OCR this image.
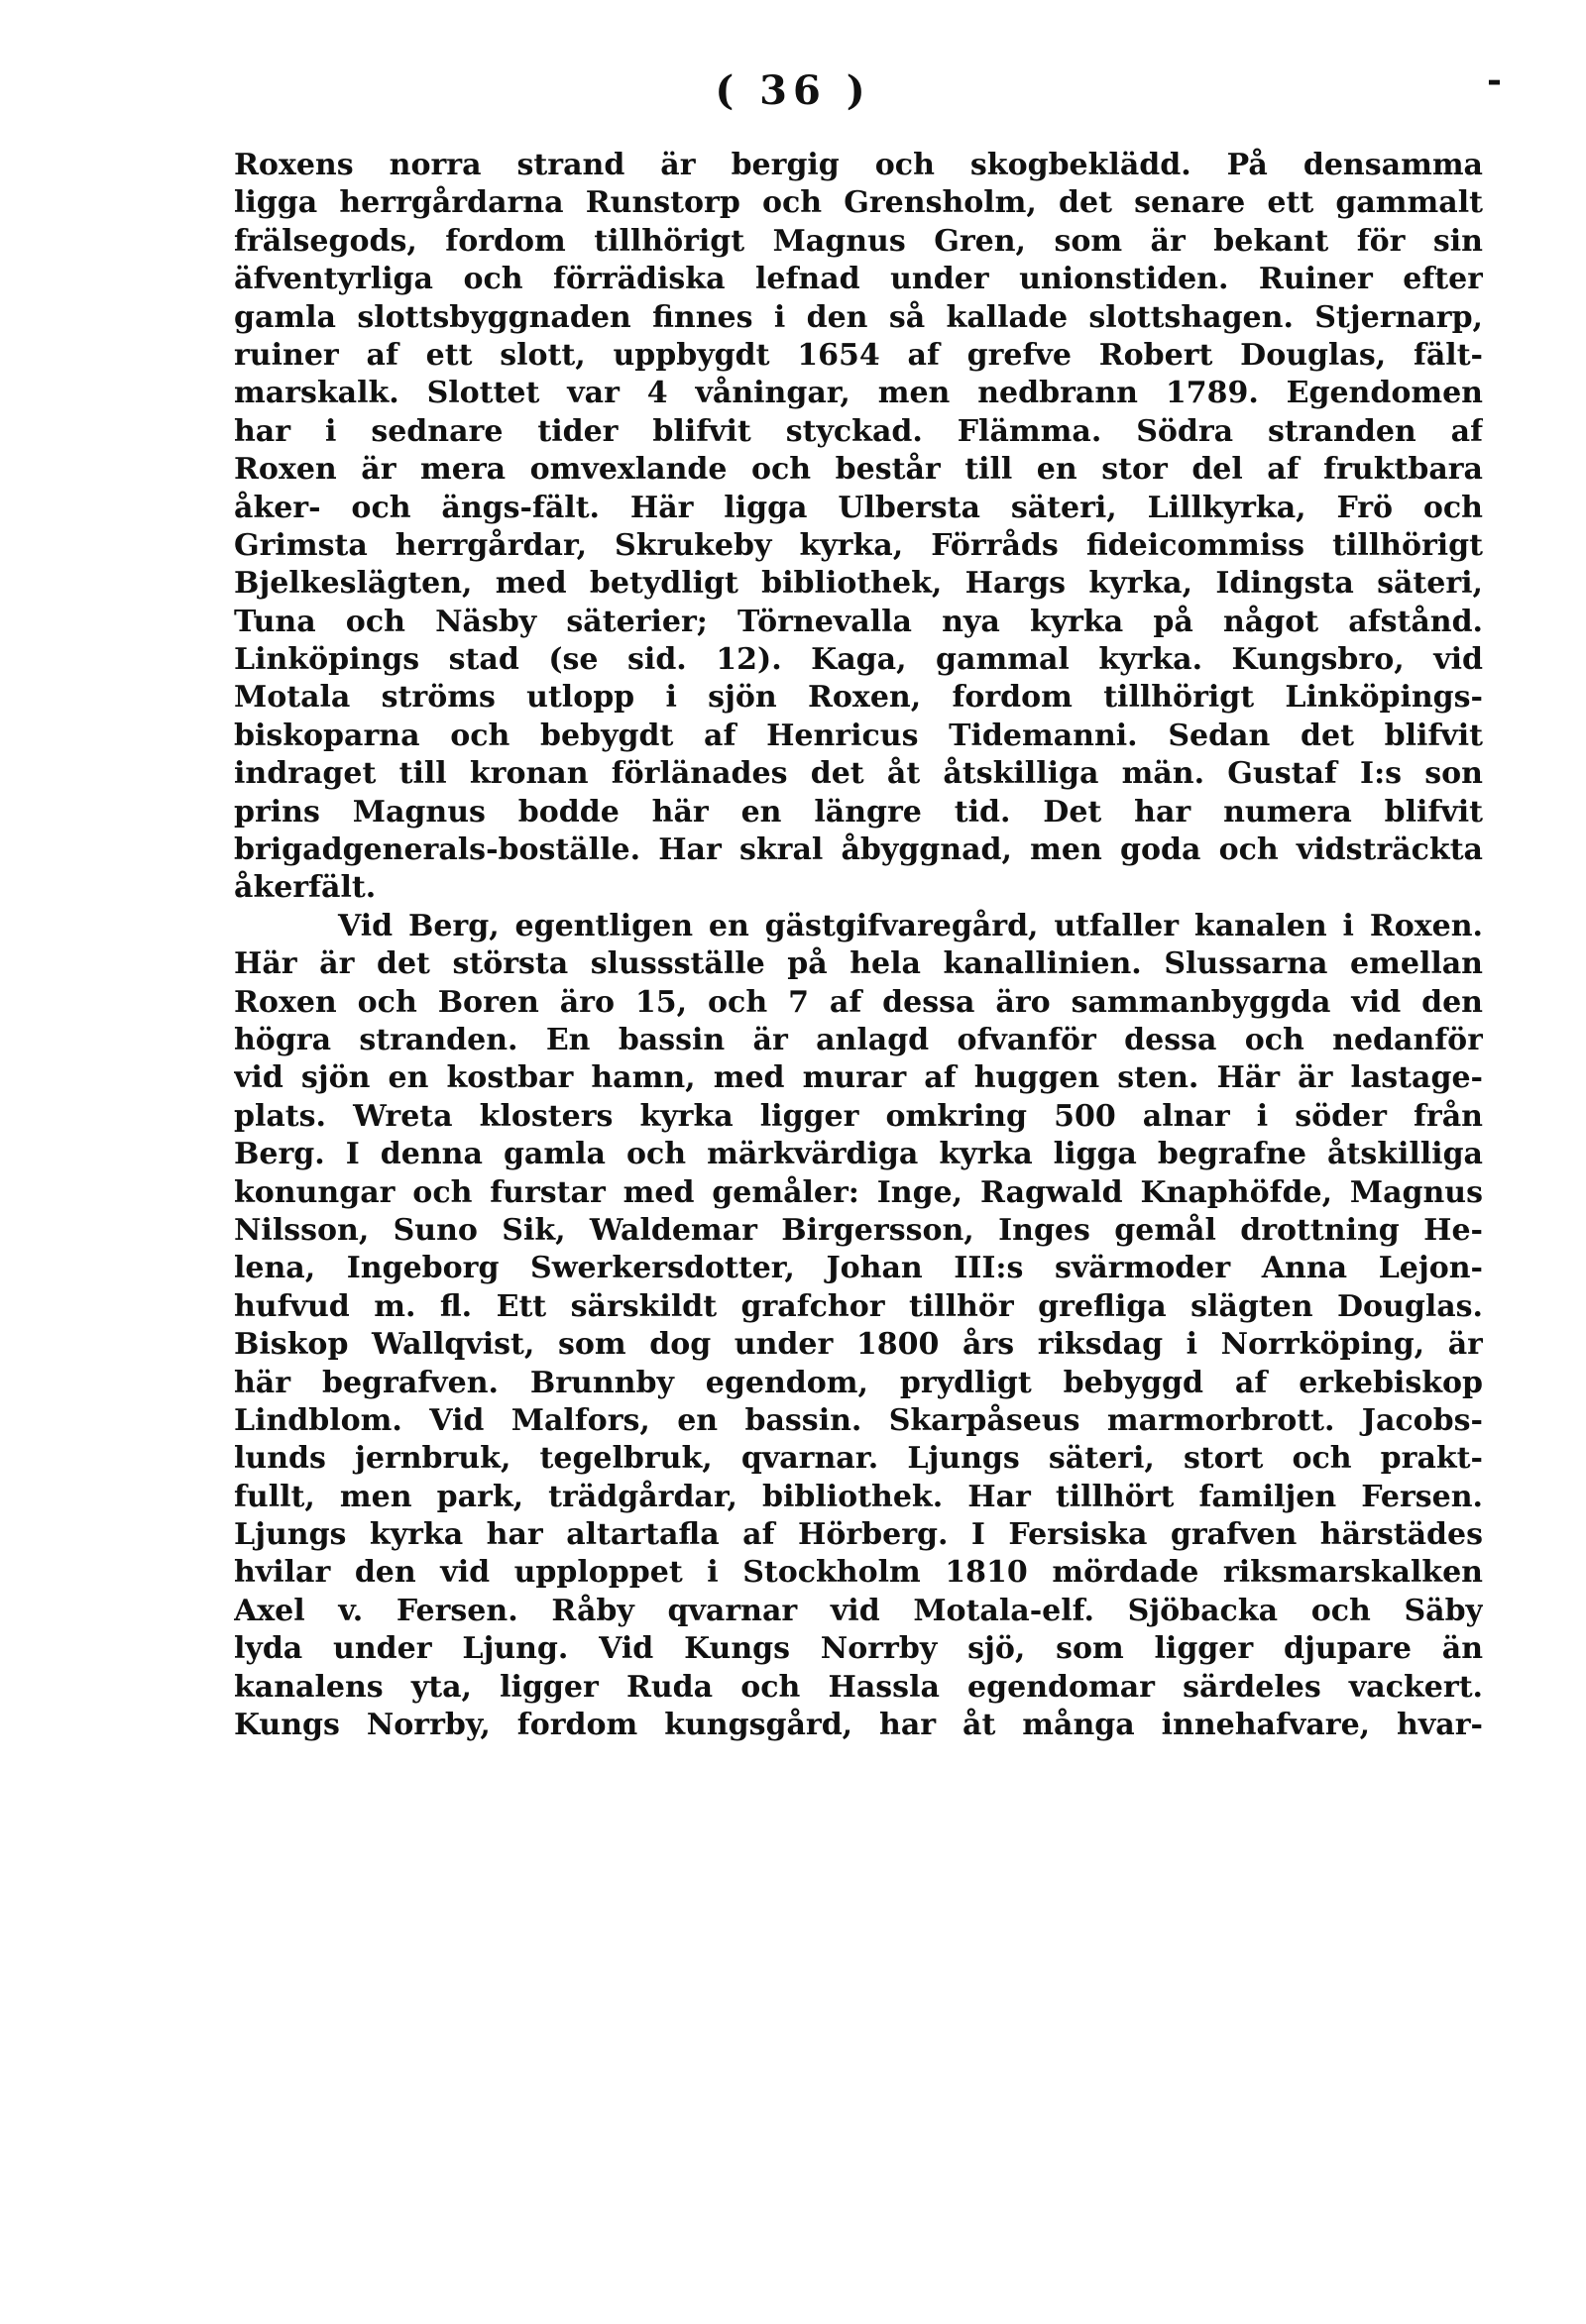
( 36 )	-
Roxens norra strand är bergig och skogbeklädd. På densamma
ligga herrgårdarna Runstorp och Grensholm, det senare ett gammalt
frälsegods, fordom tillhörigt Magnus Gren, som är bekant för sin
äfventyrliga och förrädiska lefnad under unionstiden. Ruiner efter
gamla slottsbyggnaden finnes i den så kallade slottshagen. Stjernarp,
ruiner af ett slott, uppbygdt 1654 af grefve Robert Douglas, fält-
marskalk. Slottet var 4 våningar, men nedbrann 1789. Egendomen
har i sednare tider blifvit styckad. Flämma. Södra stranden af
Roxen är mera omvexlande och består till en stor del af fruktbara
åker- och ängs-fält. Här ligga Ulbersta säteri, Lillkyrka, Frö och
Grimsta herrgårdar, Skrukeby kyrka, Förråds fideicommiss tillhörigt
Bjelkeslägten, med betydligt bibliothek, Hargs kyrka, Idingsta säteri,
Tuna och Näsby säterier; Törnevalla nya kyrka på något afstånd.
Linköpings stad (se sid. 12). Kaga, gammal kyrka. Kungsbro, vid
Motala ströms utlopp i sjön Roxen, fordom tillhörigt Linköpings-
biskoparna och bebygdt af Henricus Tidemanni. Sedan det blifvit
indraget till kronan förlänades det åt åtskilliga män. Gustaf I:s son
prins Magnus bodde här en längre tid. Det har numera blifvit
brigadgenerals-boställe. Har skral åbyggnad, men goda och vidsträckta
åkerfält.
Vid Berg, egentligen en gästgifvaregård, utfaller kanalen i Roxen.
Här är det största slussställe på hela kanallinien. Slussarna emellan
Roxen och Boren äro 15, och 7 af dessa äro sammanbyggda vid den
högra stranden. En bassin är anlagd ofvanför dessa och nedanför
vid sjön en kostbar hamn, med murar af huggen sten. Här är lastage-
plats. Wreta klosters kyrka ligger omkring 500 alnar i söder från
Berg. I denna gamla och märkvärdiga kyrka ligga begrafne åtskilliga
konungar och furstar med gemåler: Inge, Ragwald Knaphöfde, Magnus
Nilsson, Suno Sik, Waldemar Birgersson, Inges gemål drottning He-
lena, Ingeborg Swerkersdotter, Johan III:s svärmoder Anna Lejon-
hufvud m. fl. Ett särskildt grafchor tillhör grefliga slägten Douglas.
Biskop Wallqvist, som dog under 1800 års riksdag i Norrköping, är
här begrafven. Brunnby egendom, prydligt bebyggd af erkebiskop
Lindblom. Vid Malfors, en bassin. Skarpåseus marmorbrott. Jacobs-
lunds jernbruk, tegelbruk, qvarnar. Ljungs säteri, stort och prakt-
fullt, men park, trädgårdar, bibliothek. Har tillhört familjen Fersen.
Ljungs kyrka har altartafla af Hörberg. I Fersiska grafven härstädes
hvilar den vid upploppet i Stockholm 1810 mördade riksmarskalken
Axel v. Fersen. Råby qvarnar vid Motala-elf. Sjöbacka och Säby
lyda under Ljung. Vid Kungs Norrby sjö, som ligger djupare än
kanalens yta, ligger Ruda och Hassla egendomar särdeles vackert.
Kungs Norrby, fordom kungsgård, har åt många innehafvare, hvar-
